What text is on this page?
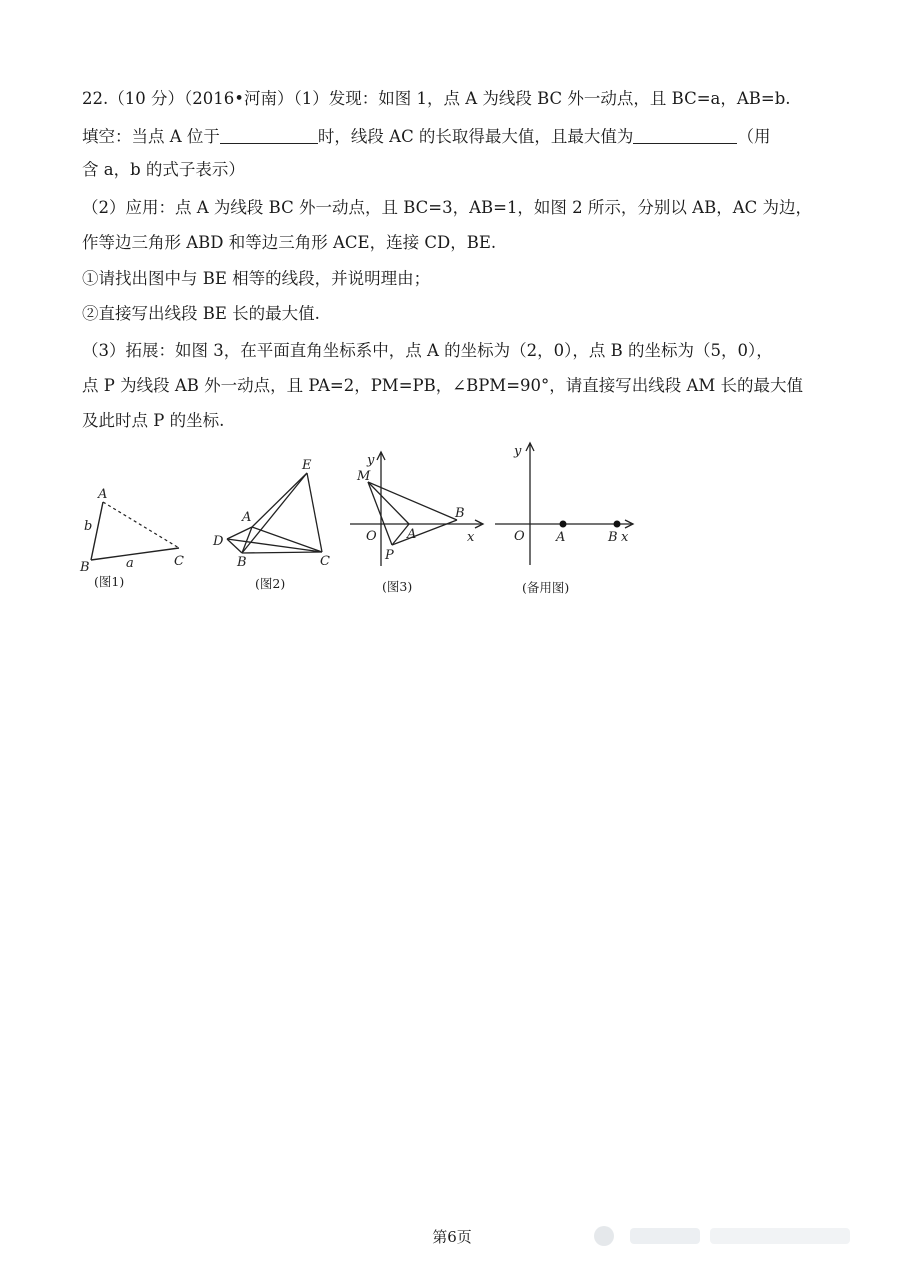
22.（10 分）（2016•河南）（1）发现：如图 1，点 A 为线段 BC 外一动点，且 BC=a，AB=b.
填空：当点 A 位于	时，线段 AC 的长取得最大值，且最大值为	（用
含 a，b 的式子表示）
（2）应用：点 A 为线段 BC 外一动点，且 BC=3，AB=1，如图 2 所示，分别以 AB，AC 为边，
作等边三角形 ABD 和等边三角形 ACE，连接 CD，BE.
①请找出图中与 BE 相等的线段，并说明理由；
②直接写出线段 BE 长的最大值.
（3）拓展：如图 3，在平面直角坐标系中，点 A 的坐标为（2，0），点 B 的坐标为（5，0），
点 P 为线段 AB 外一动点，且 PA=2，PM=PB，∠BPM=90°，请直接写出线段 AM 长的最大值
及此时点 P 的坐标.
A
b
B	a	C
(图1)
E
A
D
B	C
(图2)
y
M
O A
B
x
P
(图3)
y
O A	B x
(备用图)
第6页
